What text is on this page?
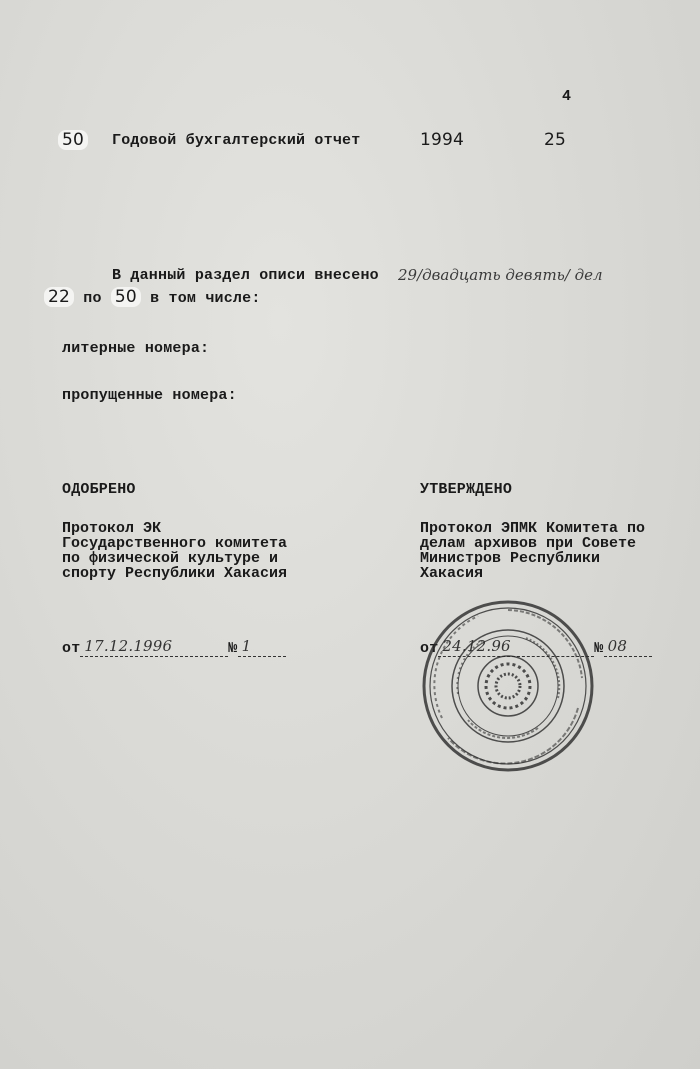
4
50 Годовой бухгалтерский отчет	1994	25
В данный раздел описи внесено 29/двадцать девять/ дел
22 по 50 в том числе:
литерные номера:
пропущенные номера:
ОДОБРЕНО
Протокол ЭК
Государственного комитета
по физической культуре и
спорту Республики Хакасия
от 17.12.1996	№ 1
УТВЕРЖДЕНО
Протокол ЭПМК Комитета по
делам архивов при Совете
Министров Республики
Хакасия
от 24.12.96	№ 08
